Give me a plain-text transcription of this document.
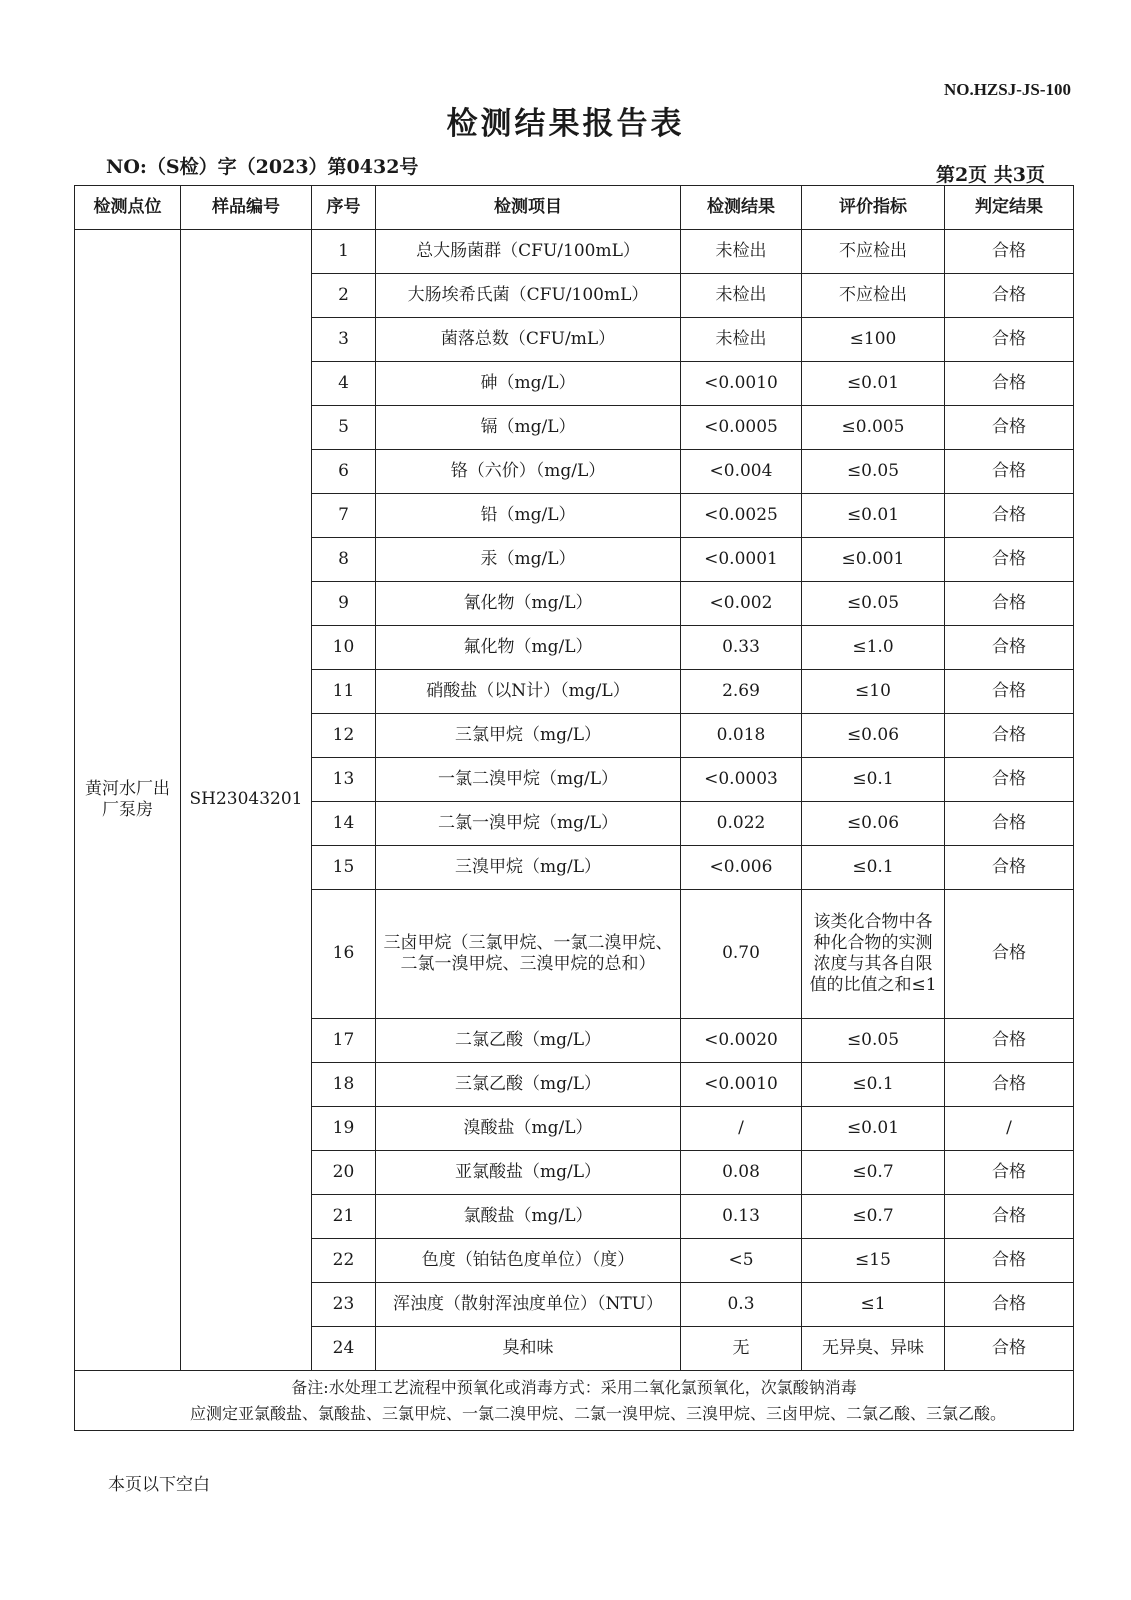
NO.HZSJ-JS-100
检测结果报告表
NO:（S检）字（2023）第0432号	第2页 共3页
检测点位	样品编号	序号	检测项目	检测结果	评价指标	判定结果
黄河水厂出厂泵房	SH23043201	1	总大肠菌群（CFU/100mL）	未检出	不应检出	合格
		2	大肠埃希氏菌（CFU/100mL）	未检出	不应检出	合格
		3	菌落总数（CFU/mL）	未检出	≤100	合格
		4	砷（mg/L）	<0.0010	≤0.01	合格
		5	镉（mg/L）	<0.0005	≤0.005	合格
		6	铬（六价）（mg/L）	<0.004	≤0.05	合格
		7	铅（mg/L）	<0.0025	≤0.01	合格
		8	汞（mg/L）	<0.0001	≤0.001	合格
		9	氰化物（mg/L）	<0.002	≤0.05	合格
		10	氟化物（mg/L）	0.33	≤1.0	合格
		11	硝酸盐（以N计）（mg/L）	2.69	≤10	合格
		12	三氯甲烷（mg/L）	0.018	≤0.06	合格
		13	一氯二溴甲烷（mg/L）	<0.0003	≤0.1	合格
		14	二氯一溴甲烷（mg/L）	0.022	≤0.06	合格
		15	三溴甲烷（mg/L）	<0.006	≤0.1	合格
		16	三卤甲烷（三氯甲烷、一氯二溴甲烷、二氯一溴甲烷、三溴甲烷的总和）	0.70	该类化合物中各种化合物的实测浓度与其各自限值的比值之和≤1	合格
		17	二氯乙酸（mg/L）	<0.0020	≤0.05	合格
		18	三氯乙酸（mg/L）	<0.0010	≤0.1	合格
		19	溴酸盐（mg/L）	/	≤0.01	/
		20	亚氯酸盐（mg/L）	0.08	≤0.7	合格
		21	氯酸盐（mg/L）	0.13	≤0.7	合格
		22	色度（铂钴色度单位）（度）	<5	≤15	合格
		23	浑浊度（散射浑浊度单位）（NTU）	0.3	≤1	合格
		24	臭和味	无	无异臭、异味	合格

备注:水处理工艺流程中预氧化或消毒方式：采用二氧化氯预氧化，次氯酸钠消毒
应测定亚氯酸盐、氯酸盐、三氯甲烷、一氯二溴甲烷、二氯一溴甲烷、三溴甲烷、三卤甲烷、二氯乙酸、三氯乙酸。						
本页以下空白
